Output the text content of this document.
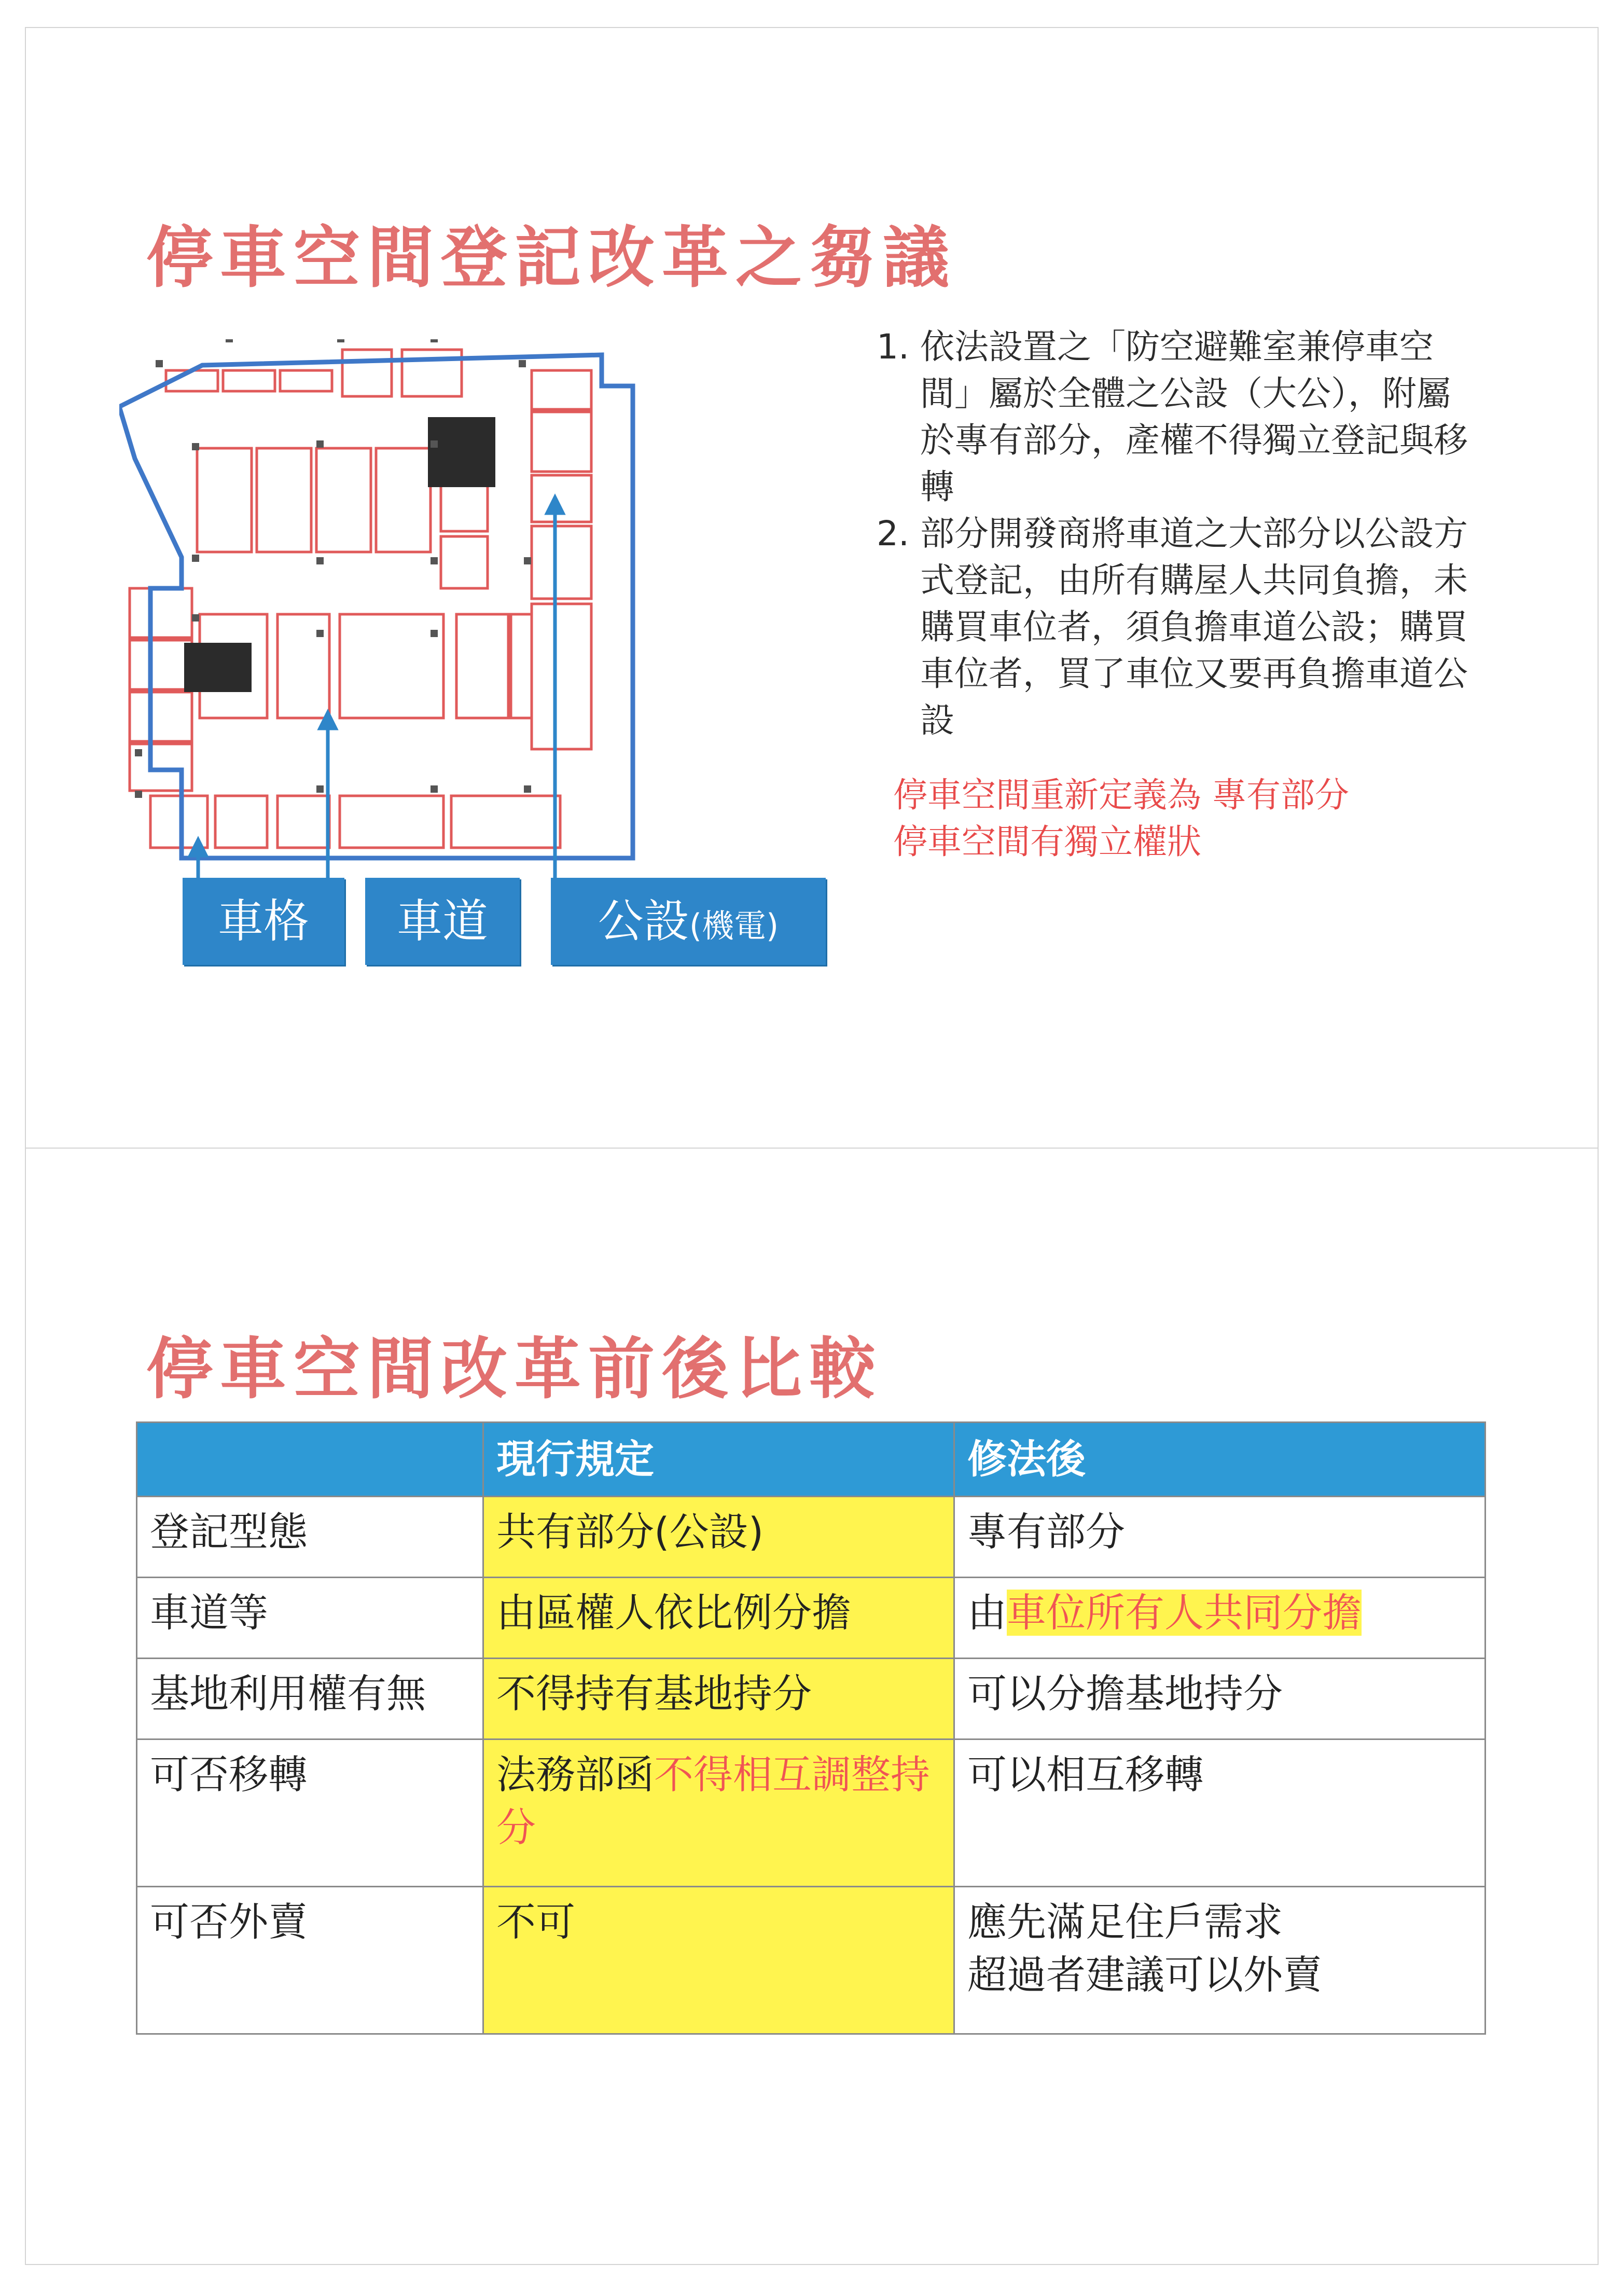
停車空間登記改革之芻議
車格	車道	公設(機電)
1. 依法設置之「防空避難室兼停車空間」屬於全體之公設（大公），附屬於專有部分，產權不得獨立登記與移轉
2. 部分開發商將車道之大部分以公設方式登記，由所有購屋人共同負擔，未購買車位者，須負擔車道公設；購買車位者，買了車位又要再負擔車道公設
停車空間重新定義為 專有部分
停車空間有獨立權狀
停車空間改革前後比較
	現行規定	修法後
登記型態	共有部分(公設)	專有部分
車道等	由區權人依比例分擔	由車位所有人共同分擔
基地利用權有無	不得持有基地持分	可以分擔基地持分
可否移轉	法務部函不得相互調整持分	可以相互移轉
可否外賣	不可	應先滿足住戶需求
超過者建議可以外賣
